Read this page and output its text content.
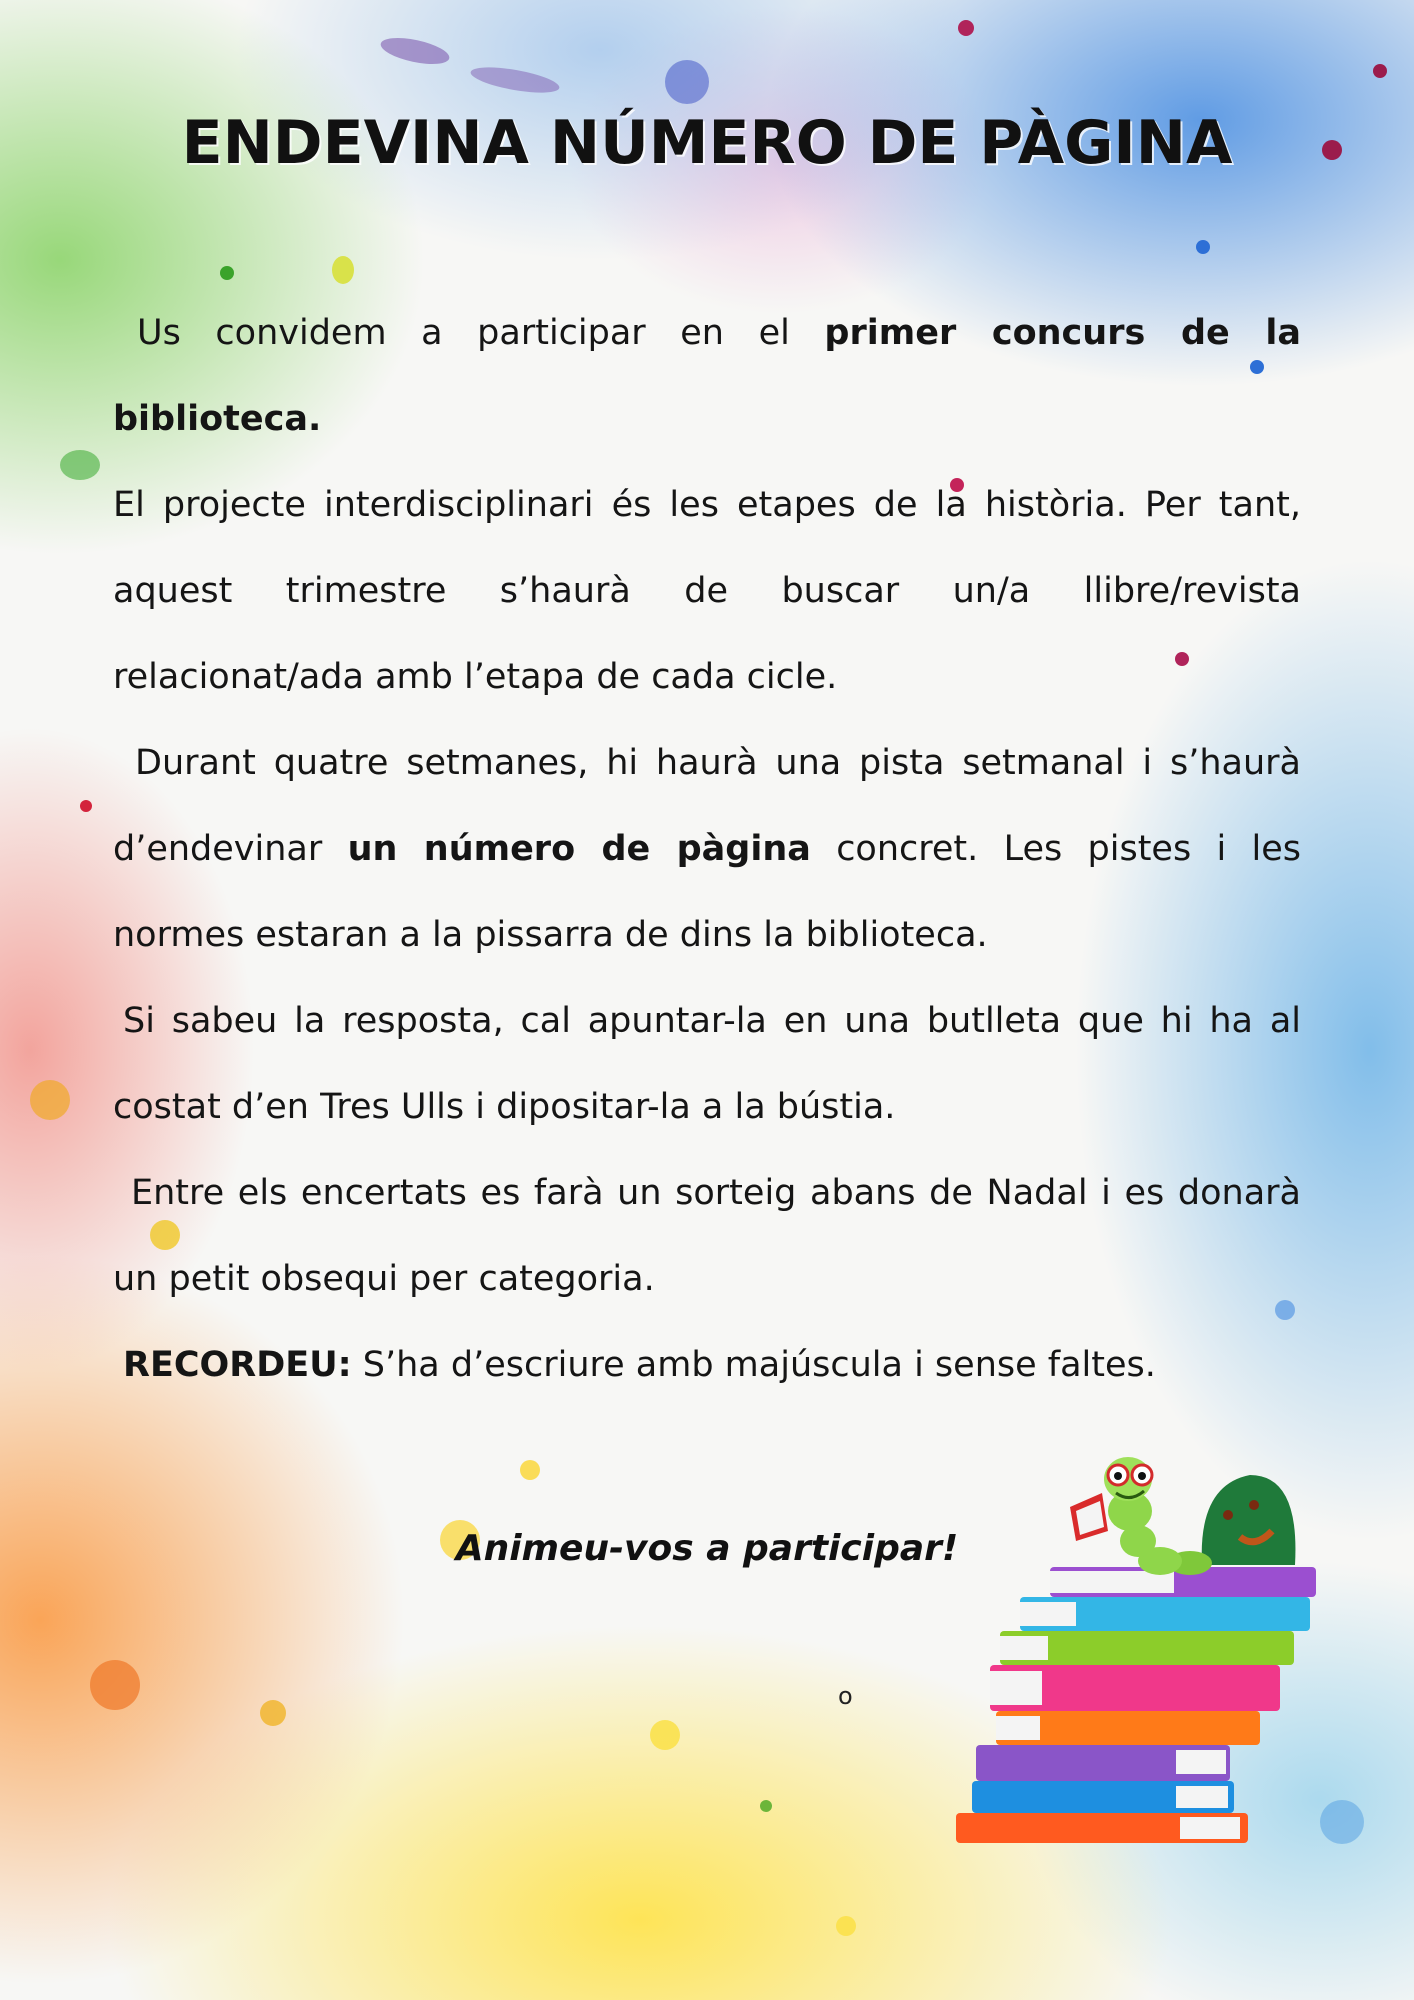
ENDEVINA NÚMERO DE PÀGINA

Us convidem a participar en el primer concurs de la biblioteca.

El projecte interdisciplinari és les etapes de la història. Per tant, aquest trimestre s’haurà de buscar un/a llibre/revista relacionat/ada amb l’etapa de cada cicle.

Durant quatre setmanes, hi haurà una pista setmanal i s’haurà d’endevinar un número de pàgina concret. Les pistes i les normes estaran a la pissarra de dins la biblioteca.

Si sabeu la resposta, cal apuntar-la en una butlleta que hi ha al costat d’en Tres Ulls i dipositar-la a la bústia.

Entre els encertats es farà un sorteig abans de Nadal i es donarà un petit obsequi per categoria.

RECORDEU: S’ha d’escriure amb majúscula i sense faltes.

Animeu-vos a participar!
o
